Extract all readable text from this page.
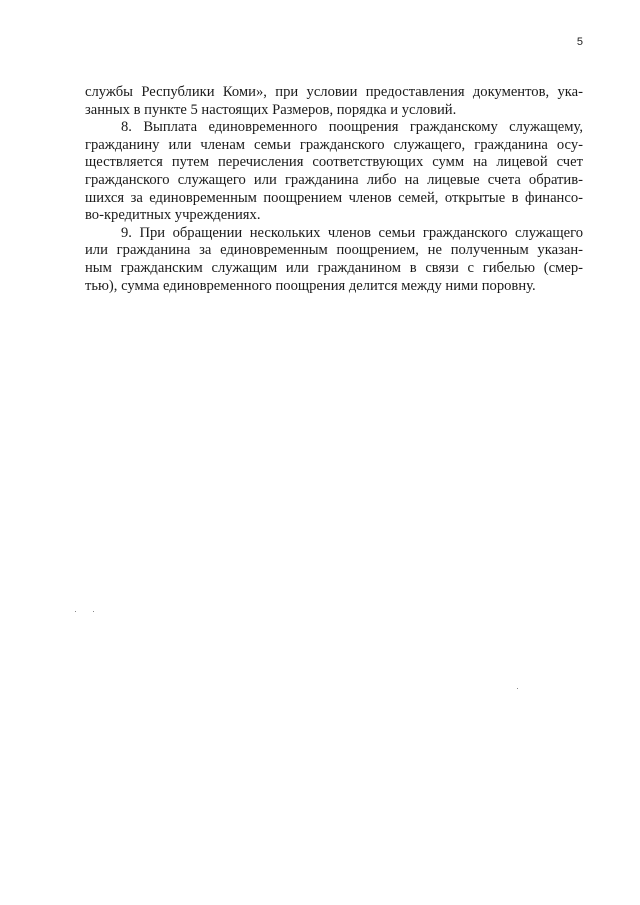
5
службы Республики Коми», при условии предоставления документов, ука-
занных в пункте 5 настоящих Размеров, порядка и условий.
8. Выплата единовременного поощрения гражданскому служащему,
гражданину или членам семьи гражданского служащего, гражданина осу-
ществляется путем перечисления соответствующих сумм на лицевой счет
гражданского служащего или гражданина либо на лицевые счета обратив-
шихся за единовременным поощрением членов семей, открытые в финансо-
во-кредитных учреждениях.
9. При обращении нескольких членов семьи гражданского служащего
или гражданина за единовременным поощрением, не полученным указан-
ным гражданским служащим или гражданином в связи с гибелью (смер-
тью), сумма единовременного поощрения делится между ними поровну.
